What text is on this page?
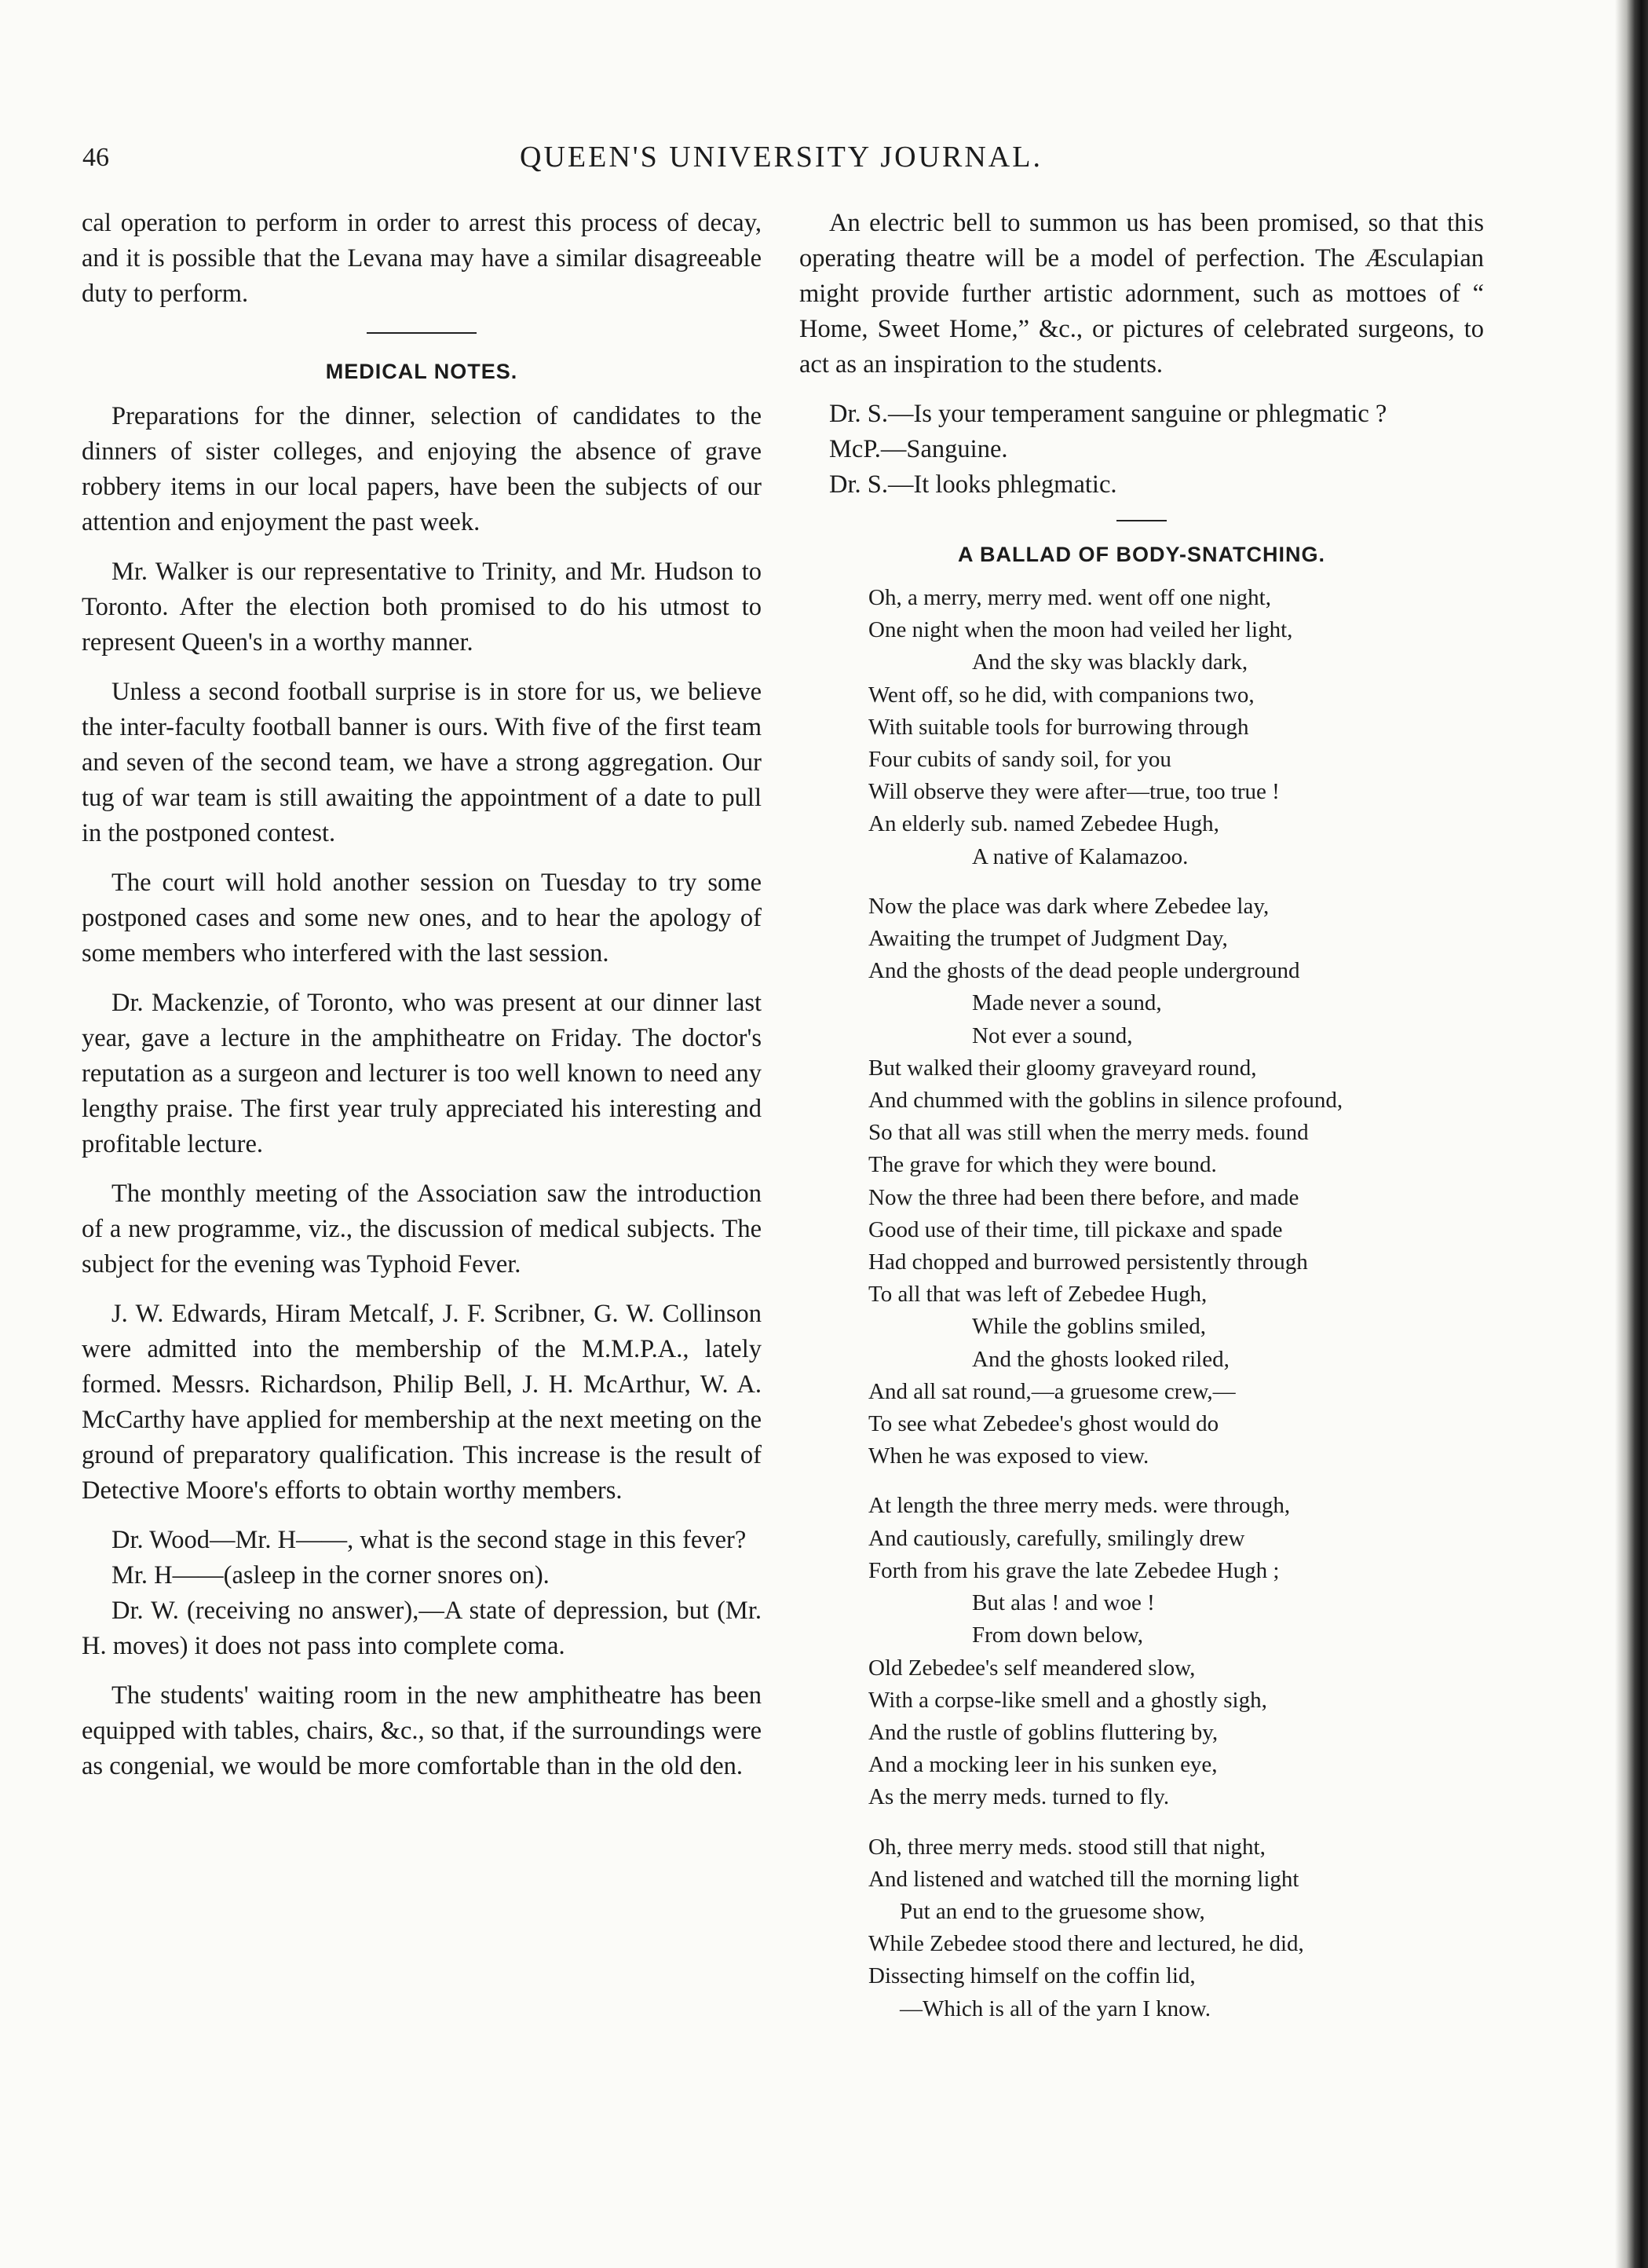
46	QUEEN'S UNIVERSITY JOURNAL.

cal operation to perform in order to arrest this process of decay, and it is possible that the Levana may have a similar disagreeable duty to perform.

MEDICAL NOTES.

Preparations for the dinner, selection of candidates to the dinners of sister colleges, and enjoying the absence of grave robbery items in our local papers, have been the subjects of our attention and enjoyment the past week.

Mr. Walker is our representative to Trinity, and Mr. Hudson to Toronto. After the election both promised to do his utmost to represent Queen's in a worthy manner.

Unless a second football surprise is in store for us, we believe the inter-faculty football banner is ours. With five of the first team and seven of the second team, we have a strong aggregation. Our tug of war team is still awaiting the appointment of a date to pull in the postponed contest.

The court will hold another session on Tuesday to try some postponed cases and some new ones, and to hear the apology of some members who interfered with the last session.

Dr. Mackenzie, of Toronto, who was present at our dinner last year, gave a lecture in the amphitheatre on Friday. The doctor's reputation as a surgeon and lecturer is too well known to need any lengthy praise. The first year truly appreciated his interesting and profitable lecture.

The monthly meeting of the Association saw the introduction of a new programme, viz., the discussion of medical subjects. The subject for the evening was Typhoid Fever.

J. W. Edwards, Hiram Metcalf, J. F. Scribner, G. W. Collinson were admitted into the membership of the M.M.P.A., lately formed. Messrs. Richardson, Philip Bell, J. H. McArthur, W. A. McCarthy have applied for membership at the next meeting on the ground of preparatory qualification. This increase is the result of Detective Moore's efforts to obtain worthy members.

Dr. Wood—Mr. H——, what is the second stage in this fever?

Mr. H——(asleep in the corner snores on).

Dr. W. (receiving no answer),—A state of depression, but (Mr. H. moves) it does not pass into complete coma.

The students' waiting room in the new amphitheatre has been equipped with tables, chairs, &c., so that, if the surroundings were as congenial, we would be more comfortable than in the old den.

An electric bell to summon us has been promised, so that this operating theatre will be a model of perfection. The Æsculapian might provide further artistic adornment, such as mottoes of “ Home, Sweet Home,” &c., or pictures of celebrated surgeons, to act as an inspiration to the students.

Dr. S.—Is your temperament sanguine or phlegmatic ?

McP.—Sanguine.

Dr. S.—It looks phlegmatic.

A BALLAD OF BODY-SNATCHING.
Oh, a merry, merry med. went off one night,
One night when the moon had veiled her light,
And the sky was blackly dark,
Went off, so he did, with companions two,
With suitable tools for burrowing through
Four cubits of sandy soil, for you
Will observe they were after—true, too true !
An elderly sub. named Zebedee Hugh,
A native of Kalamazoo.
Now the place was dark where Zebedee lay,
Awaiting the trumpet of Judgment Day,
And the ghosts of the dead people underground
Made never a sound,
Not ever a sound,
But walked their gloomy graveyard round,
And chummed with the goblins in silence profound,
So that all was still when the merry meds. found
The grave for which they were bound.
Now the three had been there before, and made
Good use of their time, till pickaxe and spade
Had chopped and burrowed persistently through
To all that was left of Zebedee Hugh,
While the goblins smiled,
And the ghosts looked riled,
And all sat round,—a gruesome crew,—
To see what Zebedee's ghost would do
When he was exposed to view.
At length the three merry meds. were through,
And cautiously, carefully, smilingly drew
Forth from his grave the late Zebedee Hugh ;
But alas ! and woe !
From down below,
Old Zebedee's self meandered slow,
With a corpse-like smell and a ghostly sigh,
And the rustle of goblins fluttering by,
And a mocking leer in his sunken eye,
As the merry meds. turned to fly.
Oh, three merry meds. stood still that night,
And listened and watched till the morning light
Put an end to the gruesome show,
While Zebedee stood there and lectured, he did,
Dissecting himself on the coffin lid,
—Which is all of the yarn I know.
